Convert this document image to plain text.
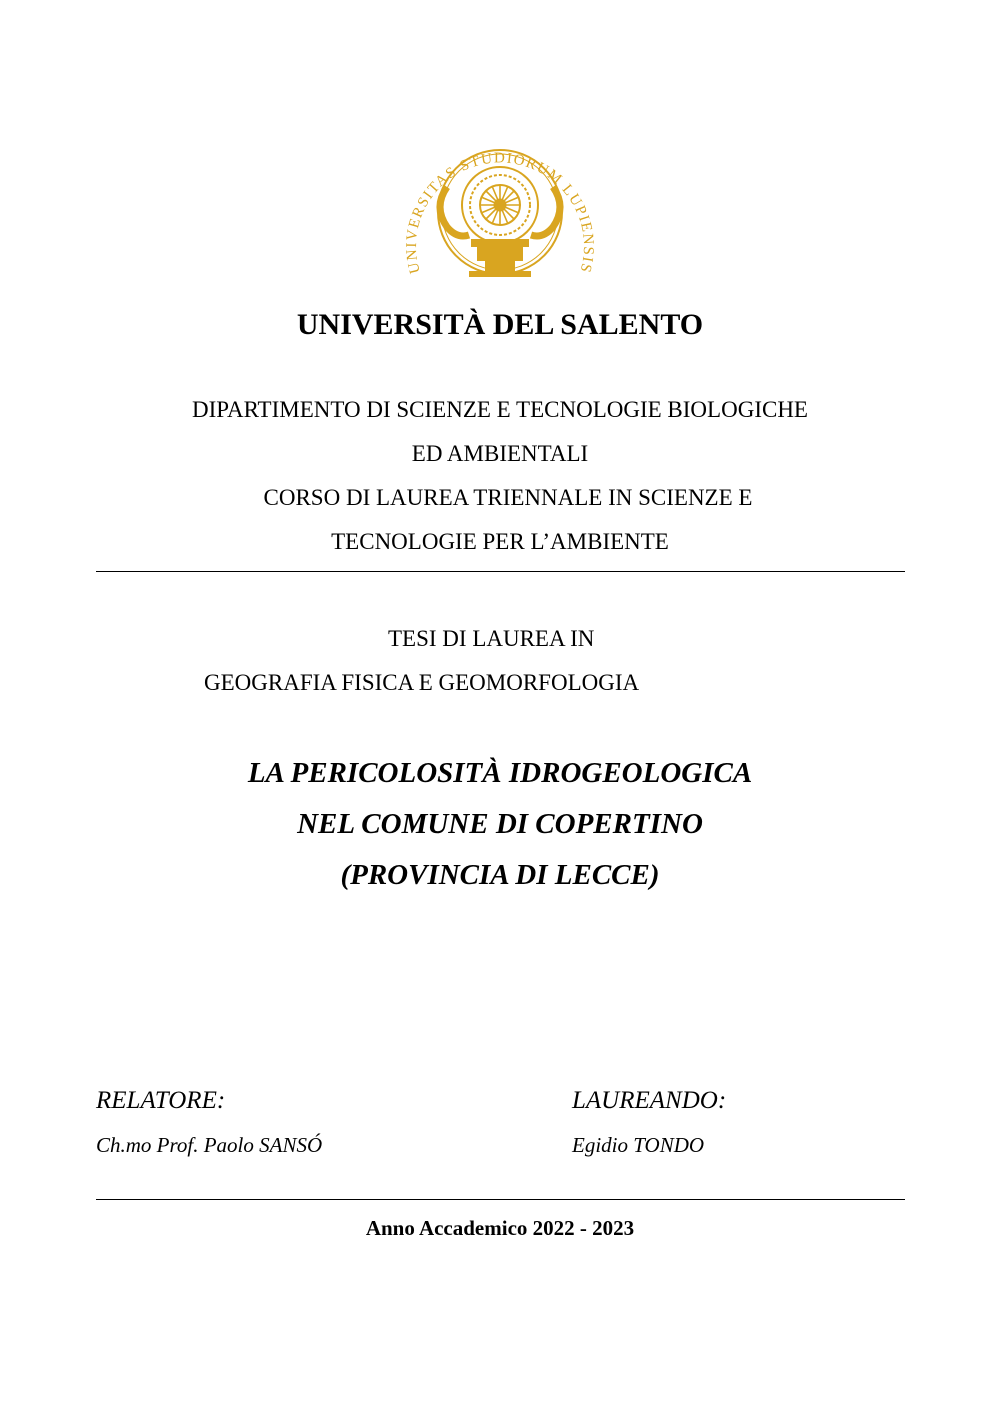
UNIVERSITAS STUDIORUM LUPIENSIS
UNIVERSITÀ DEL SALENTO
DIPARTIMENTO DI SCIENZE E TECNOLOGIE BIOLOGICHE
ED AMBIENTALI
CORSO DI LAUREA TRIENNALE IN SCIENZE E
TECNOLOGIE PER L’AMBIENTE
TESI DI LAUREA IN
GEOGRAFIA FISICA E GEOMORFOLOGIA
LA PERICOLOSITÀ IDROGEOLOGICA
NEL COMUNE DI COPERTINO
(PROVINCIA DI LECCE)
RELATORE:
Ch.mo Prof. Paolo SANSÓ
LAUREANDO:
Egidio TONDO
Anno Accademico 2022 - 2023
